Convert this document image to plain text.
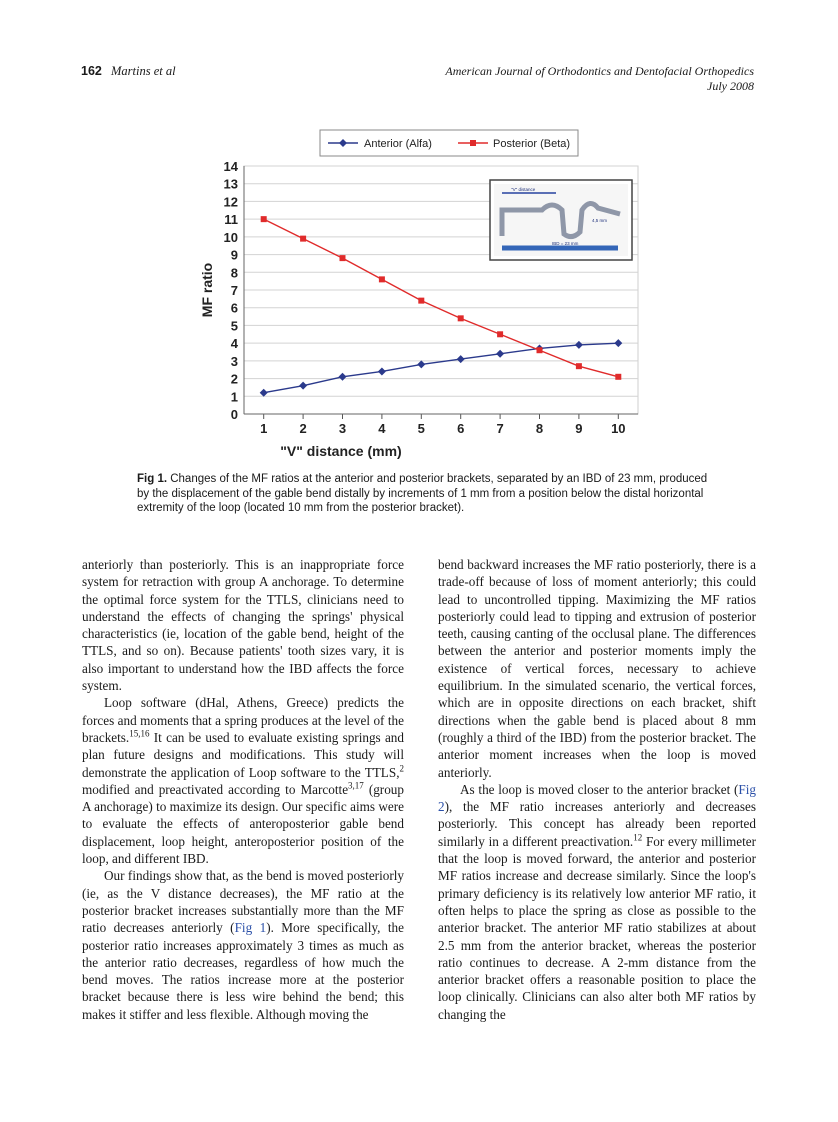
162 Martins et al	American Journal of Orthodontics and Dentofacial Orthopedics
July 2008
Anterior (Alfa)	Posterior (Beta)
"V" distance
IBD = 23 mm
4,5 mm
0
1
2
3
4
5
6
7
8
9
10
11
12
13
14
1 2 3 4 5 6 7 8 9 10
MF ratio
"V" distance (mm)
Fig 1. Changes of the MF ratios at the anterior and posterior brackets, separated by an IBD of 23 mm, produced by the displacement of the gable bend distally by increments of 1 mm from a position below the distal horizontal extremity of the loop (located 10 mm from the posterior bracket).

anteriorly than posteriorly. This is an inappropriate force system for retraction with group A anchorage. To determine the optimal force system for the TTLS, clinicians need to understand the effects of changing the springs' physical characteristics (ie, location of the gable bend, height of the TTLS, and so on). Because patients' tooth sizes vary, it is also important to understand how the IBD affects the force system.

Loop software (dHal, Athens, Greece) predicts the forces and moments that a spring produces at the level of the brackets.$^{15,16}$ It can be used to evaluate existing springs and plan future designs and modifications. This study will demonstrate the application of Loop software to the TTLS,$^2$ modified and preactivated according to Marcotte$^{3,17}$ (group A anchorage) to maximize its design. Our specific aims were to evaluate the effects of anteroposterior gable bend displacement, loop height, anteroposterior position of the loop, and different IBD.

Our findings show that, as the bend is moved posteriorly (ie, as the V distance decreases), the MF ratio at the posterior bracket increases substantially more than the MF ratio decreases anteriorly (Fig 1). More specifically, the posterior ratio increases approximately 3 times as much as the anterior ratio decreases, regardless of how much the bend moves. The ratios increase more at the posterior bracket because there is less wire behind the bend; this makes it stiffer and less flexible. Although moving the

bend backward increases the MF ratio posteriorly, there is a trade-off because of loss of moment anteriorly; this could lead to uncontrolled tipping. Maximizing the MF ratios posteriorly could lead to tipping and extrusion of posterior teeth, causing canting of the occlusal plane. The differences between the anterior and posterior moments imply the existence of vertical forces, necessary to achieve equilibrium. In the simulated scenario, the vertical forces, which are in opposite directions on each bracket, shift directions when the gable bend is placed about 8 mm (roughly a third of the IBD) from the posterior bracket. The anterior moment increases when the loop is moved anteriorly.

As the loop is moved closer to the anterior bracket (Fig 2), the MF ratio increases anteriorly and decreases posteriorly. This concept has already been reported similarly in a different preactivation.$^{12}$ For every millimeter that the loop is moved forward, the anterior and posterior MF ratios increase and decrease similarly. Since the loop's primary deficiency is its relatively low anterior MF ratio, it often helps to place the spring as close as possible to the anterior bracket. The anterior MF ratio stabilizes at about 2.5 mm from the anterior bracket, whereas the posterior ratio continues to decrease. A 2-mm distance from the anterior bracket offers a reasonable position to place the loop clinically. Clinicians can also alter both MF ratios by changing the
